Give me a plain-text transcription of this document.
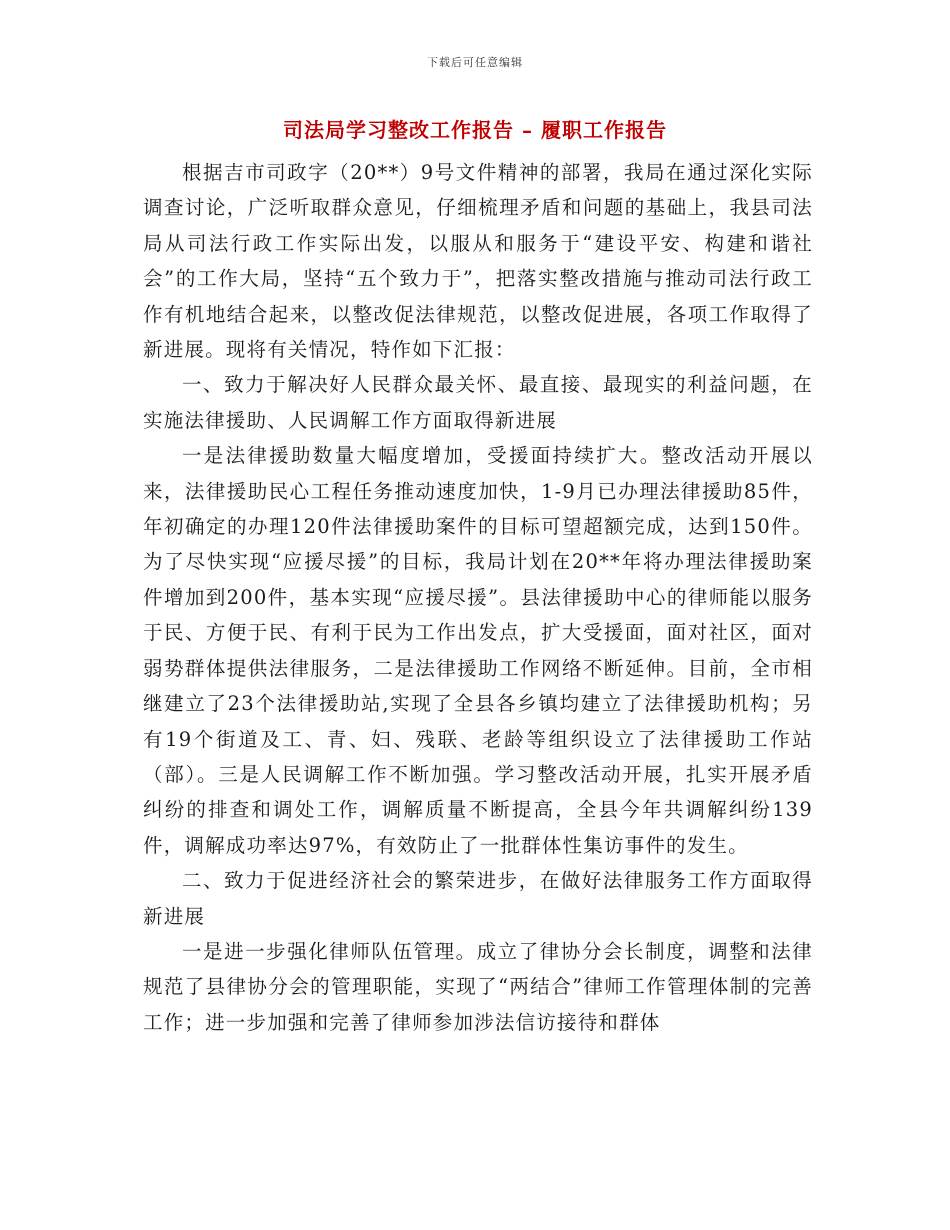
下载后可任意编辑
司法局学习整改工作报告 – 履职工作报告

根据吉市司政字（20**）9号文件精神的部署，我局在通过深化实际调查讨论，广泛听取群众意见，仔细梳理矛盾和问题的基础上，我县司法局从司法行政工作实际出发，以服从和服务于“建设平安、构建和谐社会”的工作大局，坚持“五个致力于”，把落实整改措施与推动司法行政工作有机地结合起来，以整改促法律规范，以整改促进展，各项工作取得了新进展。现将有关情况，特作如下汇报：

一、致力于解决好人民群众最关怀、最直接、最现实的利益问题，在实施法律援助、人民调解工作方面取得新进展

一是法律援助数量大幅度增加，受援面持续扩大。整改活动开展以来，法律援助民心工程任务推动速度加快，1-9月已办理法律援助85件，年初确定的办理120件法律援助案件的目标可望超额完成，达到150件。为了尽快实现“应援尽援”的目标，我局计划在20**年将办理法律援助案件增加到200件，基本实现“应援尽援”。县法律援助中心的律师能以服务于民、方便于民、有利于民为工作出发点，扩大受援面，面对社区，面对弱势群体提供法律服务，二是法律援助工作网络不断延伸。目前，全市相继建立了23个法律援助站,实现了全县各乡镇均建立了法律援助机构；另有19个街道及工、青、妇、残联、老龄等组织设立了法律援助工作站（部）。三是人民调解工作不断加强。学习整改活动开展，扎实开展矛盾纠纷的排查和调处工作，调解质量不断提高，全县今年共调解纠纷139件，调解成功率达97%，有效防止了一批群体性集访事件的发生。

二、致力于促进经济社会的繁荣进步，在做好法律服务工作方面取得新进展

一是进一步强化律师队伍管理。成立了律协分会长制度，调整和法律规范了县律协分会的管理职能，实现了“两结合”律师工作管理体制的完善工作；进一步加强和完善了律师参加涉法信访接待和群体
